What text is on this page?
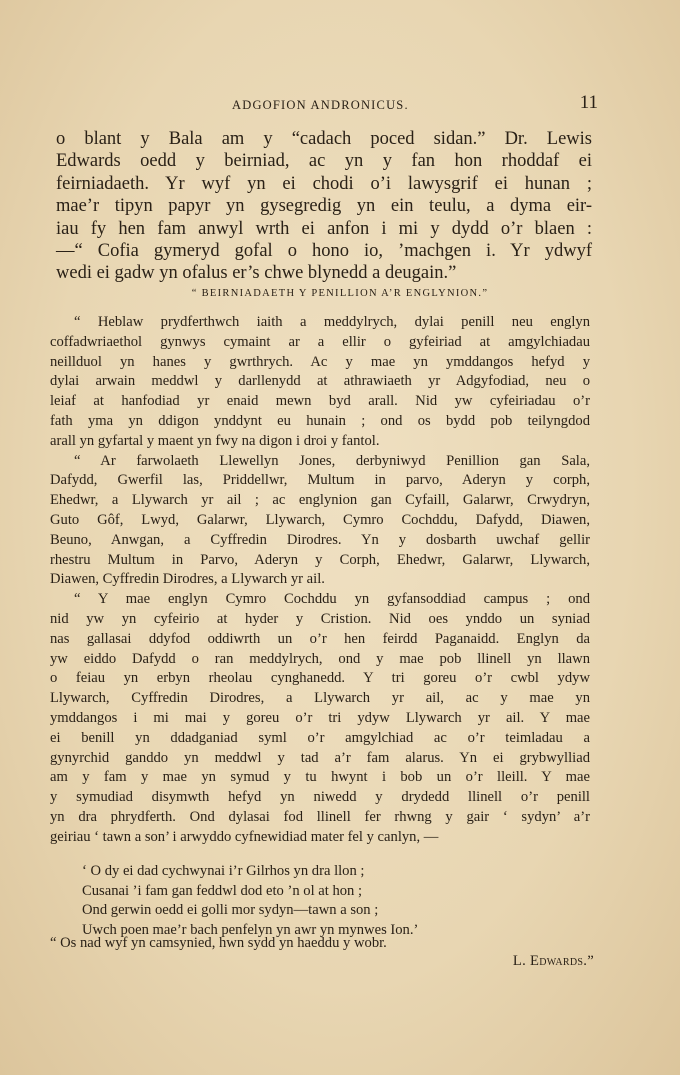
ADGOFION ANDRONICUS.	11
o blant y Bala am y “cadach poced sidan.” Dr. Lewis
Edwards oedd y beirniad, ac yn y fan hon rhoddaf ei
feirniadaeth. Yr wyf yn ei chodi o’i lawysgrif ei hunan ;
mae’r tipyn papyr yn gysegredig yn ein teulu, a dyma eir-
iau fy hen fam anwyl wrth ei anfon i mi y dydd o’r blaen :
—“ Cofia gymeryd gofal o hono io, ’machgen i. Yr ydwyf
wedi ei gadw yn ofalus er’s chwe blynedd a deugain.”
“ BEIRNIADAETH Y PENILLION A’R ENGLYNION.”
“ Heblaw prydferthwch iaith a meddylrych, dylai penill neu englyn
coffadwriaethol gynwys cymaint ar a ellir o gyfeiriad at amgylchiadau
neillduol yn hanes y gwrthrych. Ac y mae yn ymddangos hefyd y
dylai arwain meddwl y darllenydd at athrawiaeth yr Adgyfodiad, neu o
leiaf at hanfodiad yr enaid mewn byd arall. Nid yw cyfeiriadau o’r
fath yma yn ddigon ynddynt eu hunain ; ond os bydd pob teilyngdod
arall yn gyfartal y maent yn fwy na digon i droi y fantol.
“ Ar farwolaeth Llewellyn Jones, derbyniwyd Penillion gan Sala,
Dafydd, Gwerfil las, Priddellwr, Multum in parvo, Aderyn y corph,
Ehedwr, a Llywarch yr ail ; ac englynion gan Cyfaill, Galarwr, Crwydryn,
Guto Gôf, Lwyd, Galarwr, Llywarch, Cymro Cochddu, Dafydd, Diawen,
Beuno, Anwgan, a Cyffredin Dirodres. Yn y dosbarth uwchaf gellir
rhestru Multum in Parvo, Aderyn y Corph, Ehedwr, Galarwr, Llywarch,
Diawen, Cyffredin Dirodres, a Llywarch yr ail.
“ Y mae englyn Cymro Cochddu yn gyfansoddiad campus ; ond
nid yw yn cyfeirio at hyder y Cristion. Nid oes ynddo un syniad
nas gallasai ddyfod oddiwrth un o’r hen feirdd Paganaidd. Englyn da
yw eiddo Dafydd o ran meddylrych, ond y mae pob llinell yn llawn
o feiau yn erbyn rheolau cynghanedd. Y tri goreu o’r cwbl ydyw
Llywarch, Cyffredin Dirodres, a Llywarch yr ail, ac y mae yn
ymddangos i mi mai y goreu o’r tri ydyw Llywarch yr ail. Y mae
ei benill yn ddadganiad syml o’r amgylchiad ac o’r teimladau a
gynyrchid ganddo yn meddwl y tad a’r fam alarus. Yn ei grybwylliad
am y fam y mae yn symud y tu hwynt i bob un o’r lleill. Y mae
y symudiad disymwth hefyd yn niwedd y drydedd llinell o’r penill
yn dra phrydferth. Ond dylasai fod llinell fer rhwng y gair ‘ sydyn’ a’r
geiriau ‘ tawn a son’ i arwyddo cyfnewidiad mater fel y canlyn, —
‘ O dy ei dad cychwynai i’r Gilrhos yn dra llon ;
Cusanai ’i fam gan feddwl dod eto ’n ol at hon ;
Ond gerwin oedd ei golli mor sydyn—tawn a son ;
Uwch poen mae’r bach penfelyn yn awr yn mynwes Ion.’
“ Os nad wyf yn camsynied, hwn sydd yn haeddu y wobr.
L. Edwards.”
